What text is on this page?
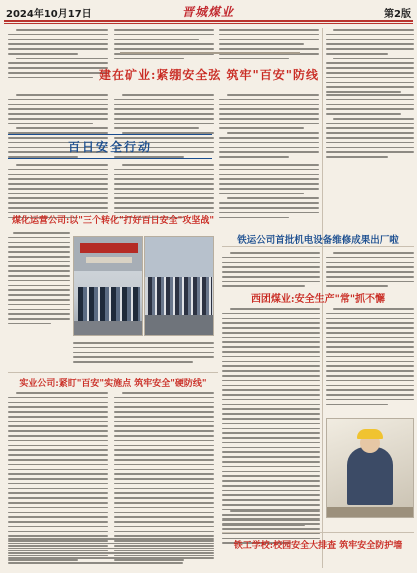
2024年10月17日	晋城煤业	第2版
建在矿业:紧绷安全弦 筑牢"百安"防线
百日安全行动
铁运公司首批机电设备维修成果出厂啦
煤化运营公司:以"三个转化"打好百日安全"攻坚战"
西团煤业:安全生产"常"抓不懈
实业公司:紧盯"百安"实施点 筑牢安全"硬防线"
铁工学校:校园安全大排查 筑牢安全防护墙
